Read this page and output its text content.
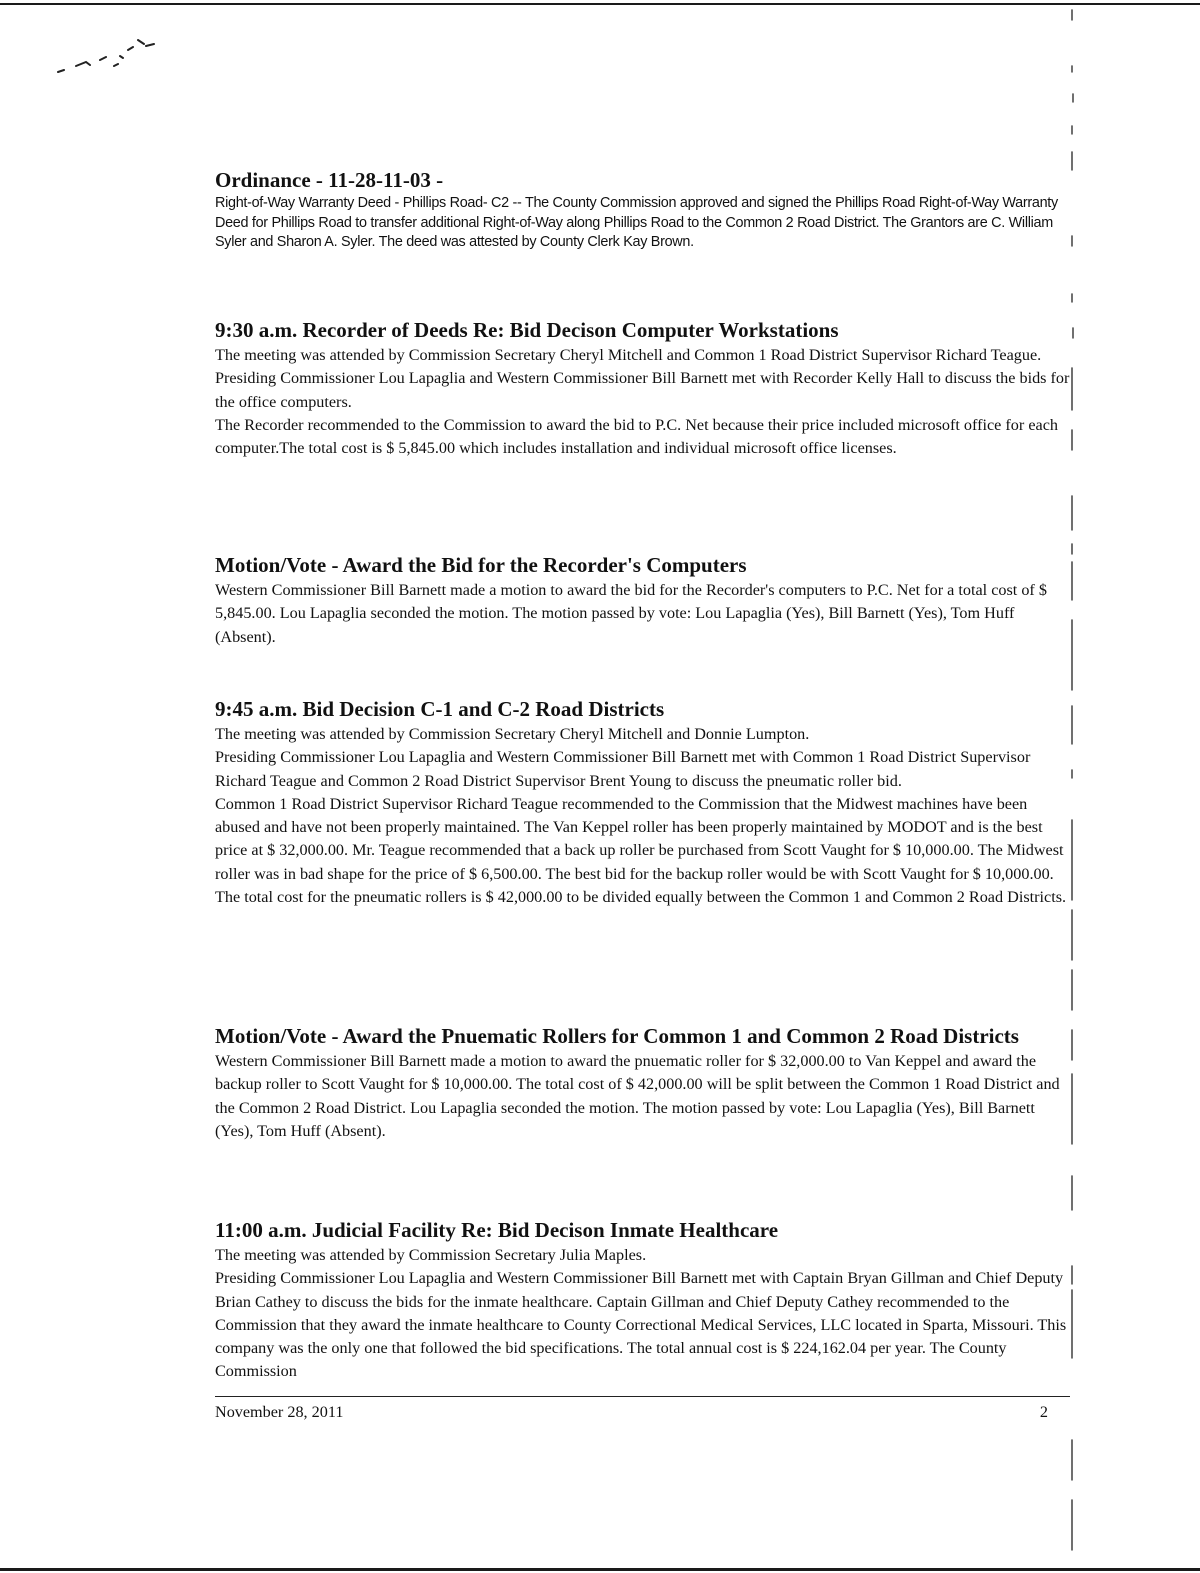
Ordinance - 11-28-11-03 -

Right-of-Way Warranty Deed - Phillips Road- C2 -- The County Commission approved and signed the Phillips Road Right-of-Way Warranty Deed for Phillips Road to transfer additional Right-of-Way along Phillips Road to the Common 2 Road District. The Grantors are C. William Syler and Sharon A. Syler. The deed was attested by County Clerk Kay Brown.

9:30 a.m. Recorder of Deeds Re: Bid Decison Computer Workstations

The meeting was attended by Commission Secretary Cheryl Mitchell and Common 1 Road District Supervisor Richard Teague.

Presiding Commissioner Lou Lapaglia and Western Commissioner Bill Barnett met with Recorder Kelly Hall to discuss the bids for the office computers.

The Recorder recommended to the Commission to award the bid to P.C. Net because their price included microsoft office for each computer.The total cost is $ 5,845.00 which includes installation and individual microsoft office licenses.

Motion/Vote - Award the Bid for the Recorder's Computers

Western Commissioner Bill Barnett made a motion to award the bid for the Recorder's computers to P.C. Net for a total cost of $ 5,845.00. Lou Lapaglia seconded the motion. The motion passed by vote: Lou Lapaglia (Yes), Bill Barnett (Yes), Tom Huff (Absent).

9:45 a.m. Bid Decision C-1 and C-2 Road Districts

The meeting was attended by Commission Secretary Cheryl Mitchell and Donnie Lumpton.

Presiding Commissioner Lou Lapaglia and Western Commissioner Bill Barnett met with Common 1 Road District Supervisor Richard Teague and Common 2 Road District Supervisor Brent Young to discuss the pneumatic roller bid.

Common 1 Road District Supervisor Richard Teague recommended to the Commission that the Midwest machines have been abused and have not been properly maintained. The Van Keppel roller has been properly maintained by MODOT and is the best price at $ 32,000.00. Mr. Teague recommended that a back up roller be purchased from Scott Vaught for $ 10,000.00. The Midwest roller was in bad shape for the price of $ 6,500.00. The best bid for the backup roller would be with Scott Vaught for $ 10,000.00. The total cost for the pneumatic rollers is $ 42,000.00 to be divided equally between the Common 1 and Common 2 Road Districts.

Motion/Vote - Award the Pnuematic Rollers for Common 1 and Common 2 Road Districts

Western Commissioner Bill Barnett made a motion to award the pnuematic roller for $ 32,000.00 to Van Keppel and award the backup roller to Scott Vaught for $ 10,000.00. The total cost of $ 42,000.00 will be split between the Common 1 Road District and the Common 2 Road District. Lou Lapaglia seconded the motion. The motion passed by vote: Lou Lapaglia (Yes), Bill Barnett (Yes), Tom Huff (Absent).

11:00 a.m. Judicial Facility Re: Bid Decison Inmate Healthcare

The meeting was attended by Commission Secretary Julia Maples.

Presiding Commissioner Lou Lapaglia and Western Commissioner Bill Barnett met with Captain Bryan Gillman and Chief Deputy Brian Cathey to discuss the bids for the inmate healthcare. Captain Gillman and Chief Deputy Cathey recommended to the Commission that they award the inmate healthcare to County Correctional Medical Services, LLC located in Sparta, Missouri. This company was the only one that followed the bid specifications. The total annual cost is $ 224,162.04 per year. The County Commission

November 28, 2011	2
